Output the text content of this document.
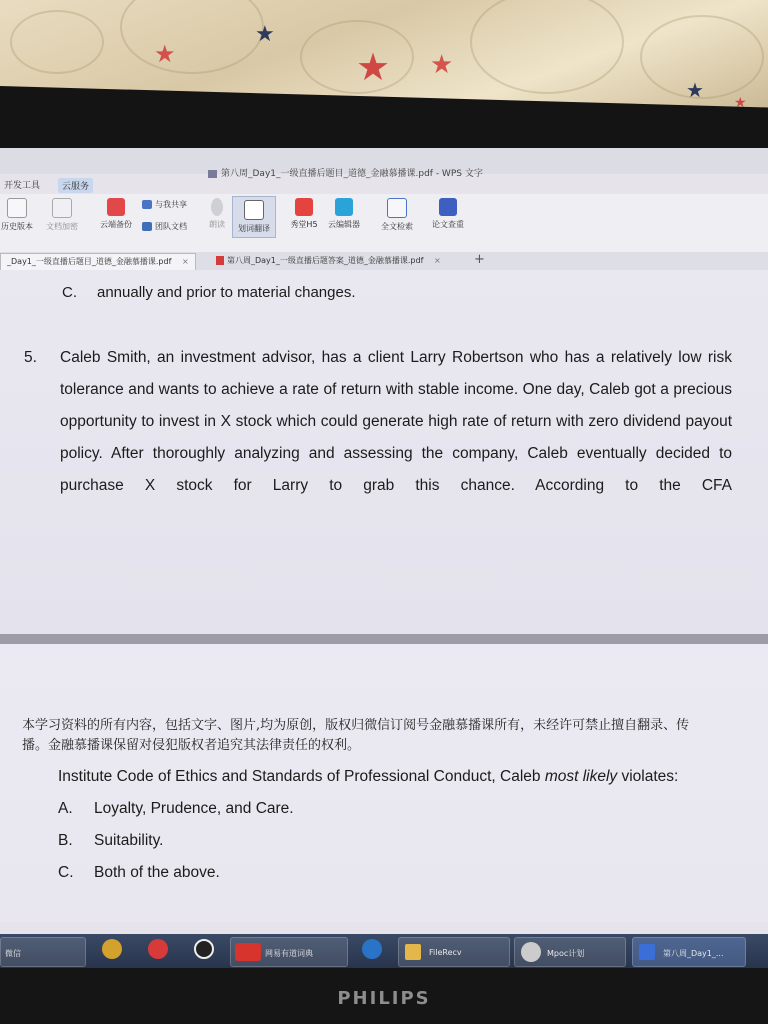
★
★
★ ★
★
★
第八周_Day1_一级直播后题目_道德_金融慕播课.pdf - WPS 文字
开发工具	云服务
历史版本	文档加密	云端备份
与我共享
团队文档	朗读	划词翻译	秀堂H5	云编辑器	全文检索	论文查重
_Day1_一级直播后题目_道德_金融慕播课.pdf ×	第八周_Day1_一级直播后题答案_道德_金融慕播课.pdf ×	+
C. annually and prior to material changes.
5. Caleb Smith, an investment advisor, has a client Larry Robertson who has a relatively low risk tolerance and wants to achieve a rate of return with stable income. One day, Caleb got a precious opportunity to invest in X stock which could generate high rate of return with zero dividend payout policy. After thoroughly analyzing and assessing the company, Caleb eventually decided to purchase X stock for Larry to grab this chance. According to the CFA
本学习资料的所有内容，包括文字、图片,均为原创，版权归微信订阅号金融慕播课所有，未经许可禁止擅自翻录、传播。金融慕播课保留对侵犯版权者追究其法律责任的权利。
Institute Code of Ethics and Standards of Professional Conduct, Caleb most likely violates:
A. Loyalty, Prudence, and Care.
B. Suitability.
C. Both of the above.
微信	网易有道词典	FileRecv	Mpoc计划	第八周_Day1_...
PHILIPS
